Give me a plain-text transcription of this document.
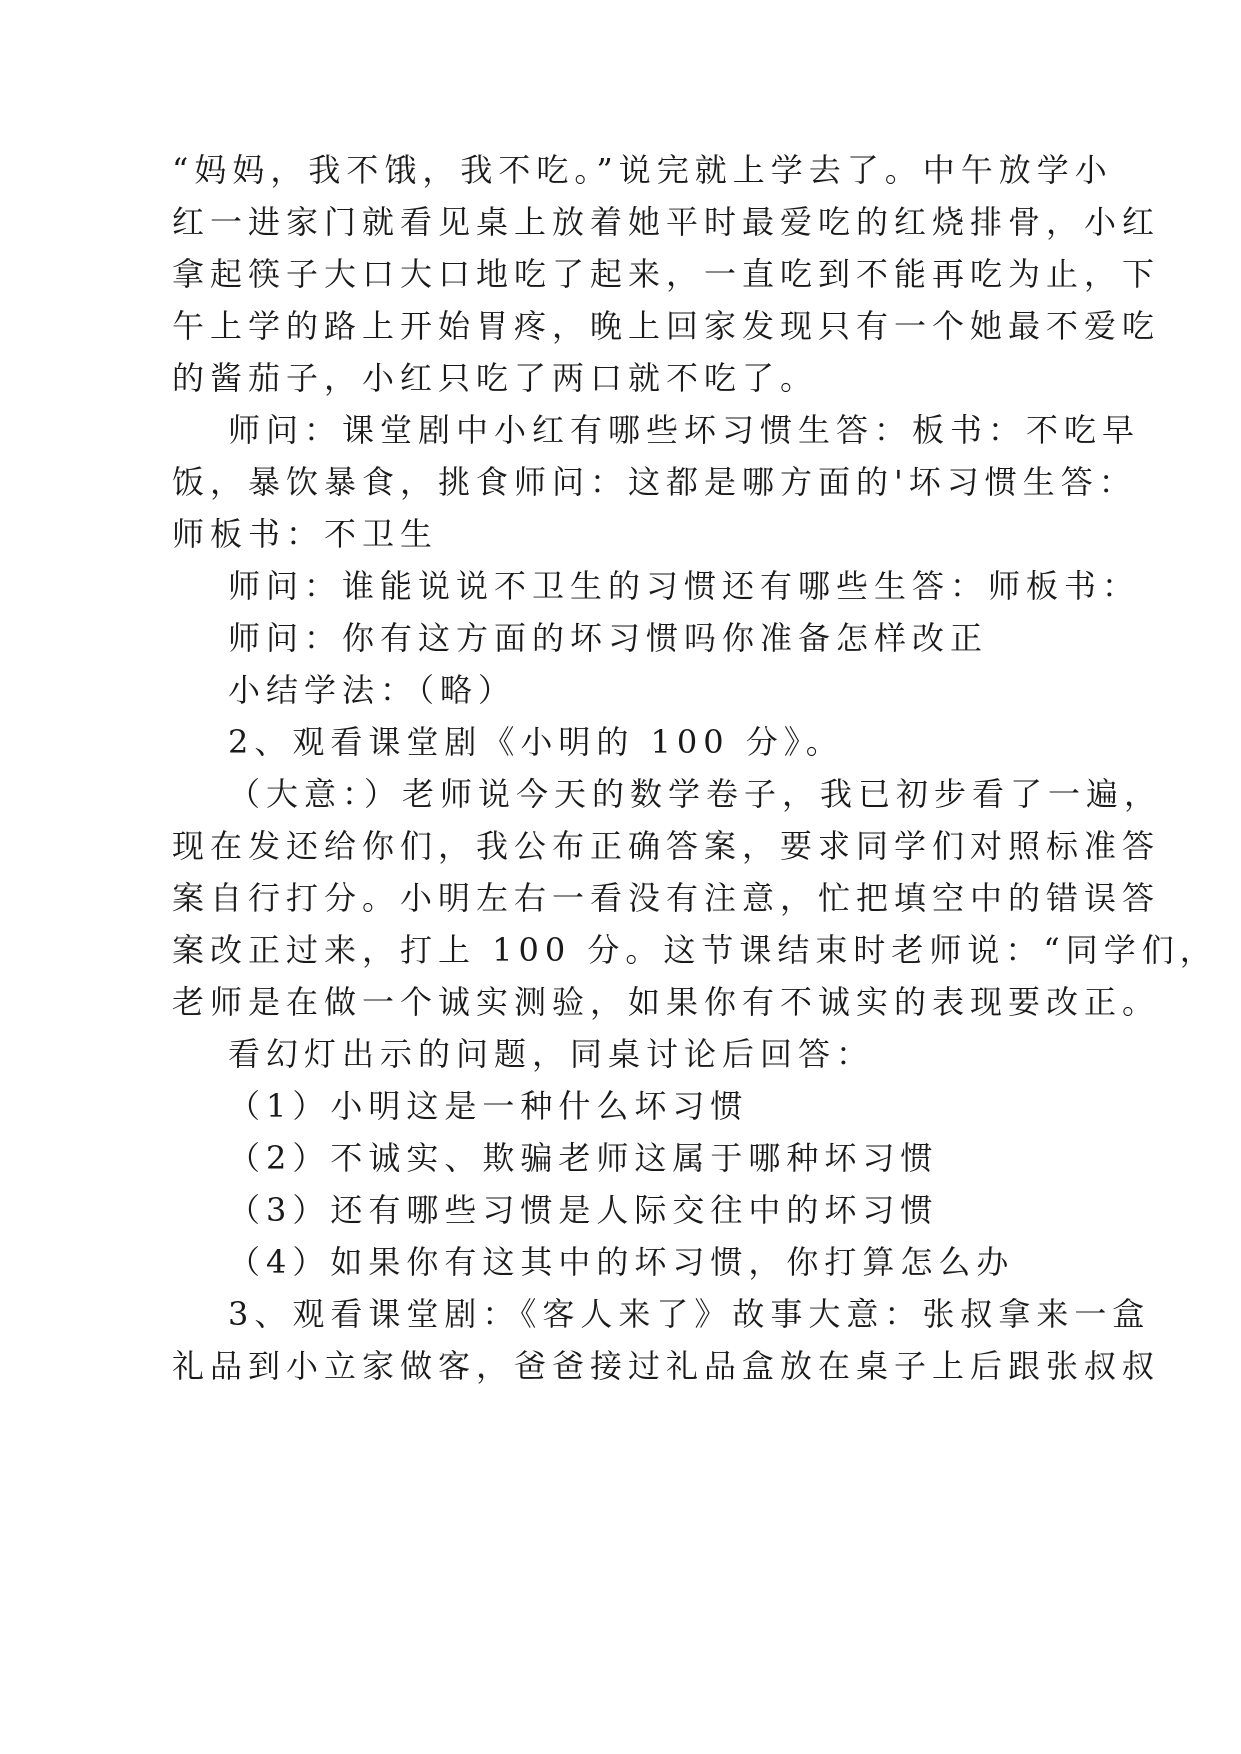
“妈妈，我不饿，我不吃。”说完就上学去了。中午放学小
红一进家门就看见桌上放着她平时最爱吃的红烧排骨，小红
拿起筷子大口大口地吃了起来，一直吃到不能再吃为止，下
午上学的路上开始胃疼，晚上回家发现只有一个她最不爱吃
的酱茄子，小红只吃了两口就不吃了。
师问：课堂剧中小红有哪些坏习惯生答：板书：不吃早
饭，暴饮暴食，挑食师问：这都是哪方面的'坏习惯生答：
师板书：不卫生
师问：谁能说说不卫生的习惯还有哪些生答：师板书：
师问：你有这方面的坏习惯吗你准备怎样改正
小结学法：（略）
2、观看课堂剧《小明的 100 分》。
（大意：）老师说今天的数学卷子，我已初步看了一遍，
现在发还给你们，我公布正确答案，要求同学们对照标准答
案自行打分。小明左右一看没有注意，忙把填空中的错误答
案改正过来，打上 100 分。这节课结束时老师说：“同学们，
老师是在做一个诚实测验，如果你有不诚实的表现要改正。
看幻灯出示的问题，同桌讨论后回答：
（1）小明这是一种什么坏习惯
（2）不诚实、欺骗老师这属于哪种坏习惯
（3）还有哪些习惯是人际交往中的坏习惯
（4）如果你有这其中的坏习惯，你打算怎么办
3、观看课堂剧：《客人来了》故事大意：张叔拿来一盒
礼品到小立家做客，爸爸接过礼品盒放在桌子上后跟张叔叔
